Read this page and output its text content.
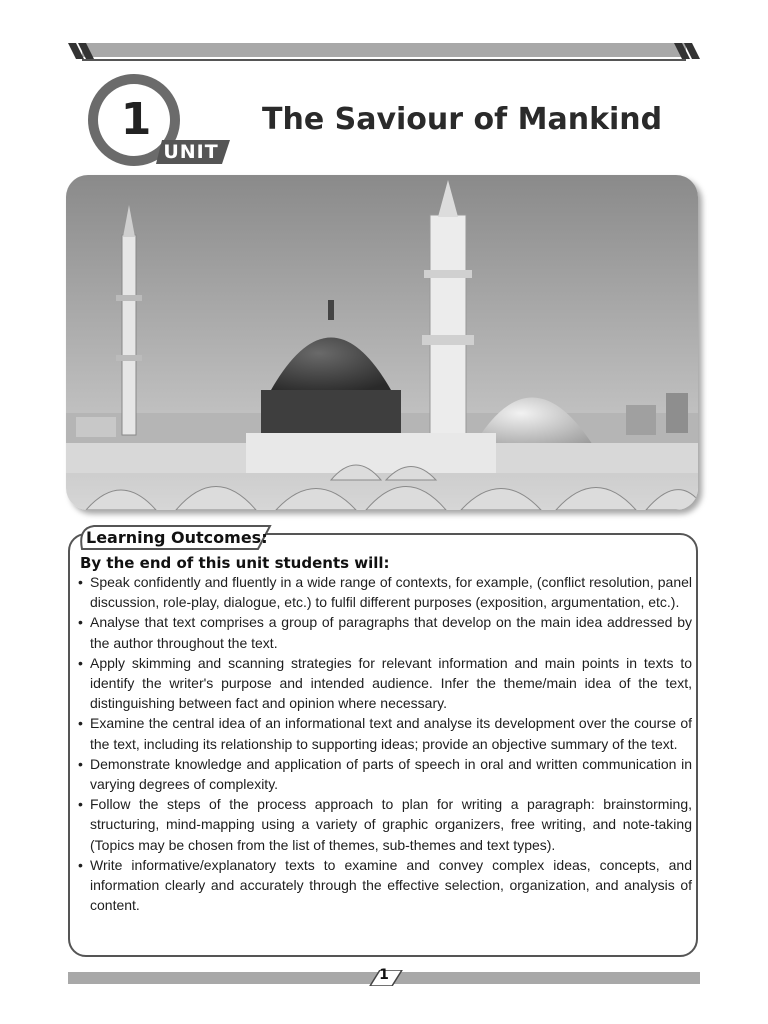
1
UNIT
The Saviour of Mankind
Learning Outcomes:

By the end of this unit students will:

• Speak confidently and fluently in a wide range of contexts, for example, (conflict resolution, panel discussion, role-play, dialogue, etc.) to fulfil different purposes (exposition, argumentation, etc.).
• Analyse that text comprises a group of paragraphs that develop on the main idea addressed by the author throughout the text.
• Apply skimming and scanning strategies for relevant information and main points in texts to identify the writer's purpose and intended audience. Infer the theme/main idea of the text, distinguishing between fact and opinion where necessary.
• Examine the central idea of an informational text and analyse its development over the course of the text, including its relationship to supporting ideas; provide an objective summary of the text.
• Demonstrate knowledge and application of parts of speech in oral and written communication in varying degrees of complexity.
• Follow the steps of the process approach to plan for writing a paragraph: brainstorming, structuring, mind-mapping using a variety of graphic organizers, free writing, and note-taking (Topics may be chosen from the list of themes, sub-themes and text types).
• Write informative/explanatory texts to examine and convey complex ideas, concepts, and information clearly and accurately through the effective selection, organization, and analysis of content.
1
